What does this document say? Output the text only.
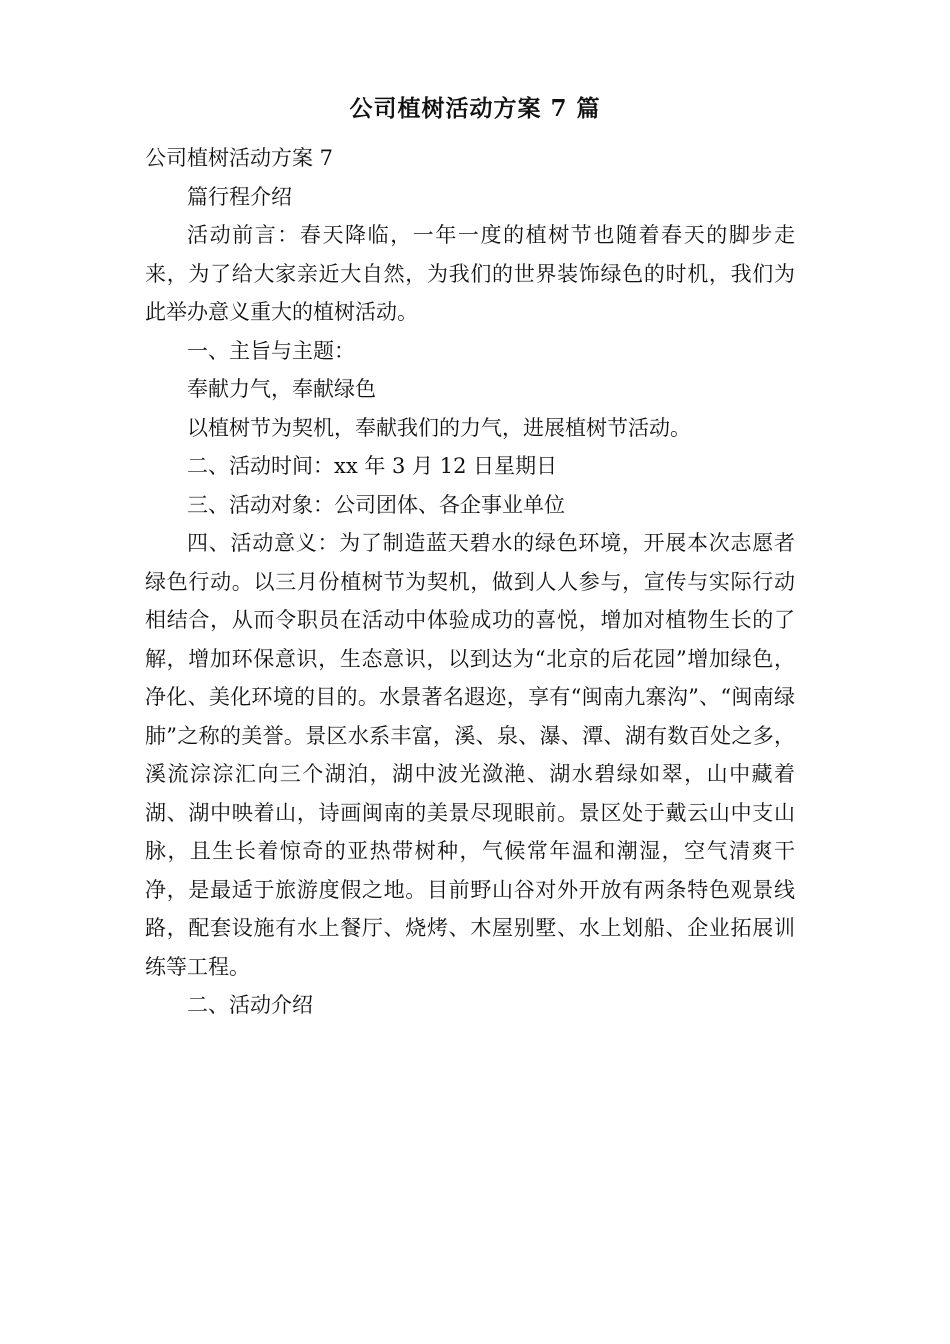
公司植树活动方案 7 篇

公司植树活动方案 7

篇行程介绍

活动前言：春天降临，一年一度的植树节也随着春天的脚步走来，为了给大家亲近大自然，为我们的世界装饰绿色的时机，我们为此举办意义重大的植树活动。

一、主旨与主题：

奉献力气，奉献绿色

以植树节为契机，奉献我们的力气，进展植树节活动。

二、活动时间：xx 年 3 月 12 日星期日

三、活动对象：公司团体、各企事业单位

四、活动意义：为了制造蓝天碧水的绿色环境，开展本次志愿者绿色行动。以三月份植树节为契机，做到人人参与，宣传与实际行动相结合，从而令职员在活动中体验成功的喜悦，增加对植物生长的了解，增加环保意识，生态意识，以到达为“北京的后花园”增加绿色，净化、美化环境的目的。水景著名遐迩，享有“闽南九寨沟”、“闽南绿肺”之称的美誉。景区水系丰富，溪、泉、瀑、潭、湖有数百处之多，溪流淙淙汇向三个湖泊，湖中波光潋滟、湖水碧绿如翠，山中藏着湖、湖中映着山，诗画闽南的美景尽现眼前。景区处于戴云山中支山脉，且生长着惊奇的亚热带树种，气候常年温和潮湿，空气清爽干净，是最适于旅游度假之地。目前野山谷对外开放有两条特色观景线路，配套设施有水上餐厅、烧烤、木屋别墅、水上划船、企业拓展训练等工程。

二、活动介绍
